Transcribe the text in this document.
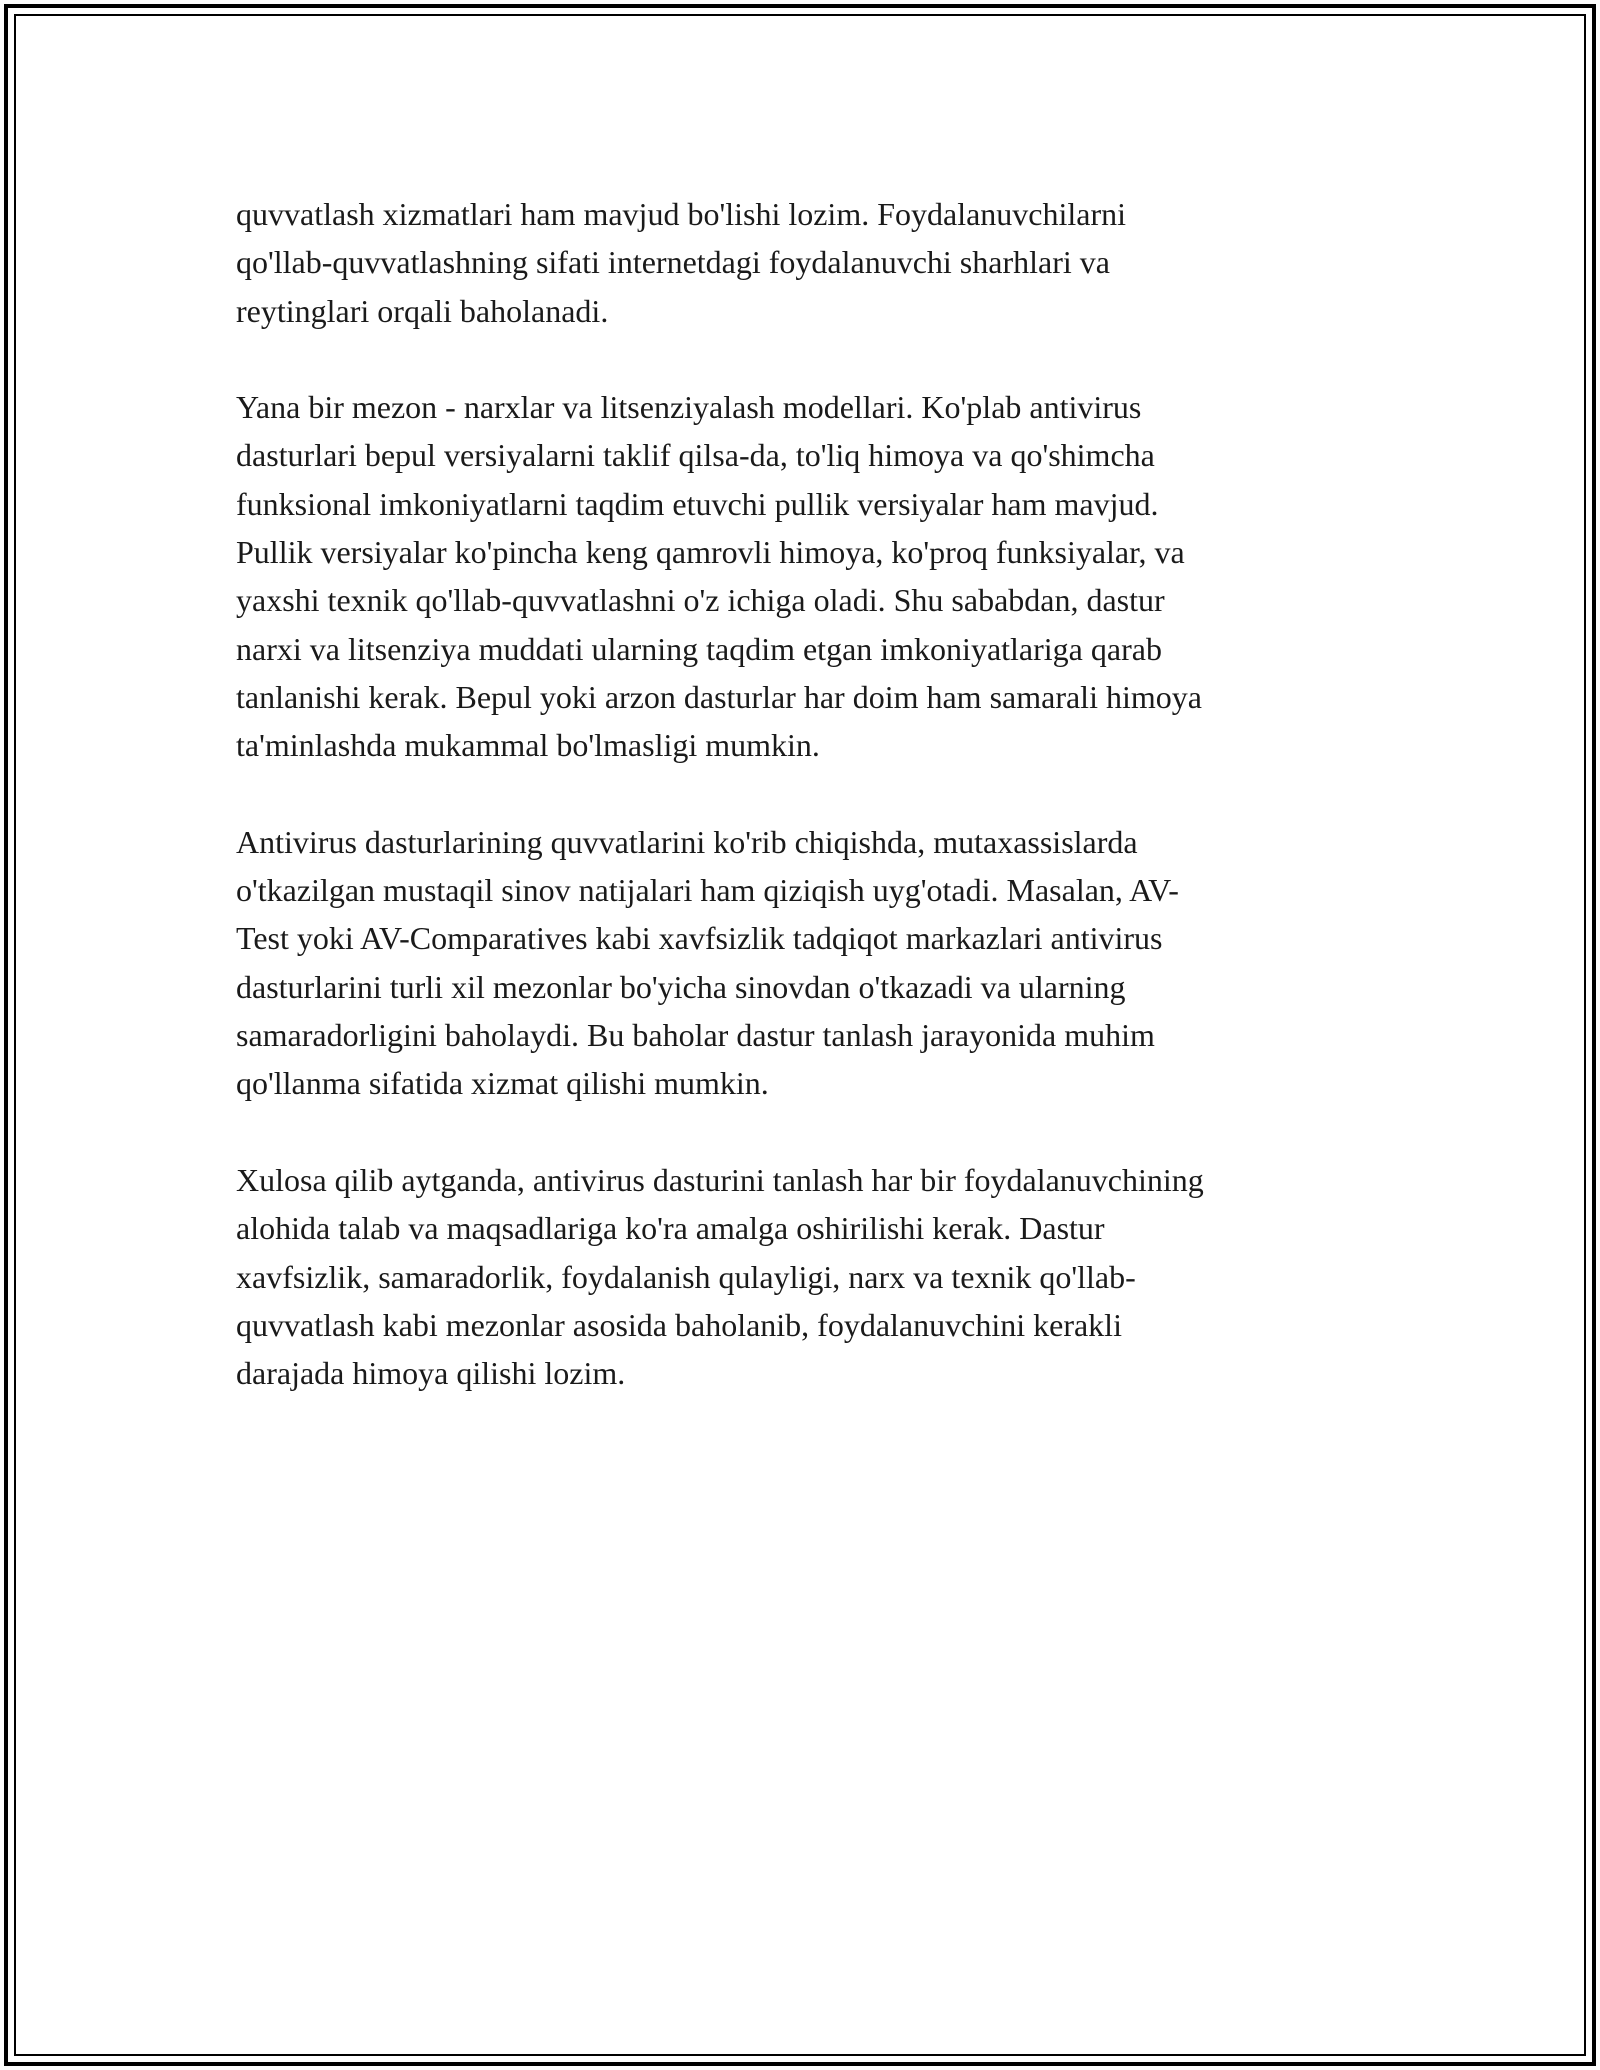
quvvatlash xizmatlari ham mavjud bo'lishi lozim. Foydalanuvchilarni
qo'llab-quvvatlashning sifati internetdagi foydalanuvchi sharhlari va
reytinglari orqali baholanadi.

Yana bir mezon - narxlar va litsenziyalash modellari. Ko'plab antivirus
dasturlari bepul versiyalarni taklif qilsa-da, to'liq himoya va qo'shimcha
funksional imkoniyatlarni taqdim etuvchi pullik versiyalar ham mavjud.
Pullik versiyalar ko'pincha keng qamrovli himoya, ko'proq funksiyalar, va
yaxshi texnik qo'llab-quvvatlashni o'z ichiga oladi. Shu sababdan, dastur
narxi va litsenziya muddati ularning taqdim etgan imkoniyatlariga qarab
tanlanishi kerak. Bepul yoki arzon dasturlar har doim ham samarali himoya
ta'minlashda mukammal bo'lmasligi mumkin.

Antivirus dasturlarining quvvatlarini ko'rib chiqishda, mutaxassislarda
o'tkazilgan mustaqil sinov natijalari ham qiziqish uyg'otadi. Masalan, AV-
Test yoki AV-Comparatives kabi xavfsizlik tadqiqot markazlari antivirus
dasturlarini turli xil mezonlar bo'yicha sinovdan o'tkazadi va ularning
samaradorligini baholaydi. Bu baholar dastur tanlash jarayonida muhim
qo'llanma sifatida xizmat qilishi mumkin.

Xulosa qilib aytganda, antivirus dasturini tanlash har bir foydalanuvchining
alohida talab va maqsadlariga ko'ra amalga oshirilishi kerak. Dastur
xavfsizlik, samaradorlik, foydalanish qulayligi, narx va texnik qo'llab-
quvvatlash kabi mezonlar asosida baholanib, foydalanuvchini kerakli
darajada himoya qilishi lozim.
